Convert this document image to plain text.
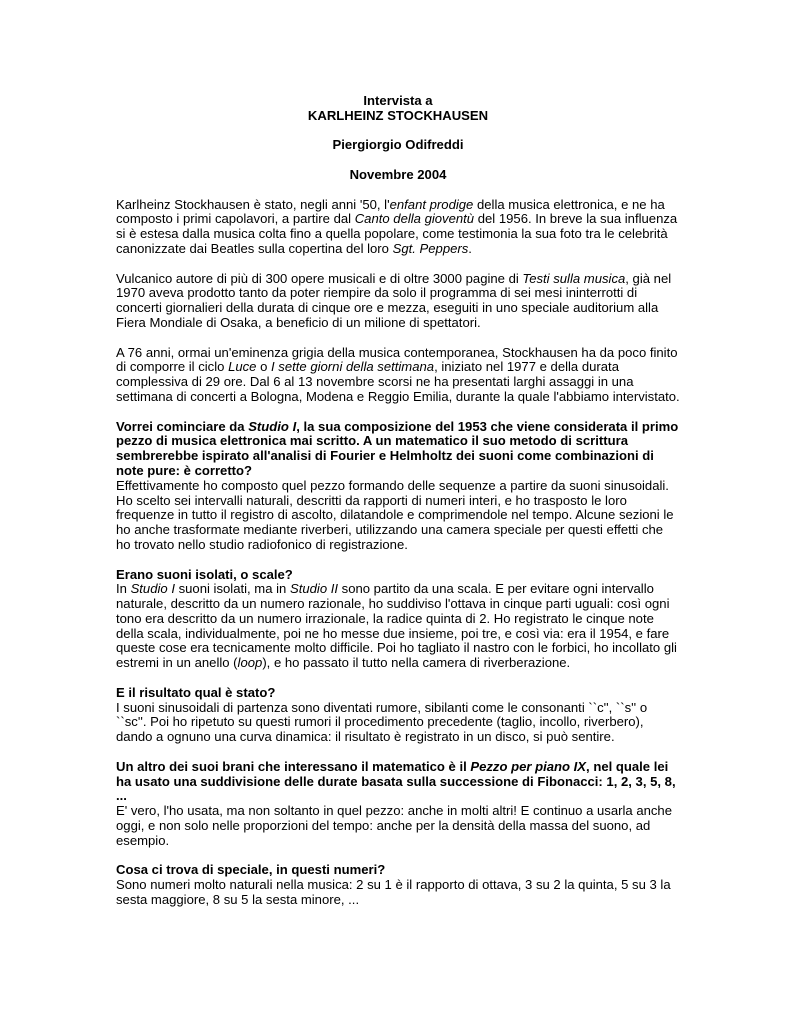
Intervista a

KARLHEINZ STOCKHAUSEN

Piergiorgio Odifreddi

Novembre 2004

Karlheinz Stockhausen è stato, negli anni '50, l'enfant prodige della musica elettronica, e ne ha composto i primi capolavori, a partire dal Canto della gioventù del 1956. In breve la sua influenza si è estesa dalla musica colta fino a quella popolare, come testimonia la sua foto tra le celebrità canonizzate dai Beatles sulla copertina del loro Sgt. Peppers.

Vulcanico autore di più di 300 opere musicali e di oltre 3000 pagine di Testi sulla musica, già nel 1970 aveva prodotto tanto da poter riempire da solo il programma di sei mesi ininterrotti di concerti giornalieri della durata di cinque ore e mezza, eseguiti in uno speciale auditorium alla Fiera Mondiale di Osaka, a beneficio di un milione di spettatori.

A 76 anni, ormai un'eminenza grigia della musica contemporanea, Stockhausen ha da poco finito di comporre il ciclo Luce o I sette giorni della settimana, iniziato nel 1977 e della durata complessiva di 29 ore. Dal 6 al 13 novembre scorsi ne ha presentati larghi assaggi in una settimana di concerti a Bologna, Modena e Reggio Emilia, durante la quale l'abbiamo intervistato.

Vorrei cominciare da Studio I, la sua composizione del 1953 che viene considerata il primo pezzo di musica elettronica mai scritto. A un matematico il suo metodo di scrittura sembrerebbe ispirato all'analisi di Fourier e Helmholtz dei suoni come combinazioni di note pure: è corretto?

Effettivamente ho composto quel pezzo formando delle sequenze a partire da suoni sinusoidali. Ho scelto sei intervalli naturali, descritti da rapporti di numeri interi, e ho trasposto le loro frequenze in tutto il registro di ascolto, dilatandole e comprimendole nel tempo. Alcune sezioni le ho anche trasformate mediante riverberi, utilizzando una camera speciale per questi effetti che ho trovato nello studio radiofonico di registrazione.

Erano suoni isolati, o scale?

In Studio I suoni isolati, ma in Studio II sono partito da una scala. E per evitare ogni intervallo naturale, descritto da un numero razionale, ho suddiviso l'ottava in cinque parti uguali: così ogni tono era descritto da un numero irrazionale, la radice quinta di 2. Ho registrato le cinque note della scala, individualmente, poi ne ho messe due insieme, poi tre, e così via: era il 1954, e fare queste cose era tecnicamente molto difficile. Poi ho tagliato il nastro con le forbici, ho incollato gli estremi in un anello (loop), e ho passato il tutto nella camera di riverberazione.

E il risultato qual è stato?

I suoni sinusoidali di partenza sono diventati rumore, sibilanti come le consonanti ``c'', ``s'' o ``sc''. Poi ho ripetuto su questi rumori il procedimento precedente (taglio, incollo, riverbero), dando a ognuno una curva dinamica: il risultato è registrato in un disco, si può sentire.

Un altro dei suoi brani che interessano il matematico è il Pezzo per piano IX, nel quale lei ha usato una suddivisione delle durate basata sulla successione di Fibonacci: 1, 2, 3, 5, 8, ...

E' vero, l'ho usata, ma non soltanto in quel pezzo: anche in molti altri! E continuo a usarla anche oggi, e non solo nelle proporzioni del tempo: anche per la densità della massa del suono, ad esempio.

Cosa ci trova di speciale, in questi numeri?

Sono numeri molto naturali nella musica: 2 su 1 è il rapporto di ottava, 3 su 2 la quinta, 5 su 3 la sesta maggiore, 8 su 5 la sesta minore, ...
